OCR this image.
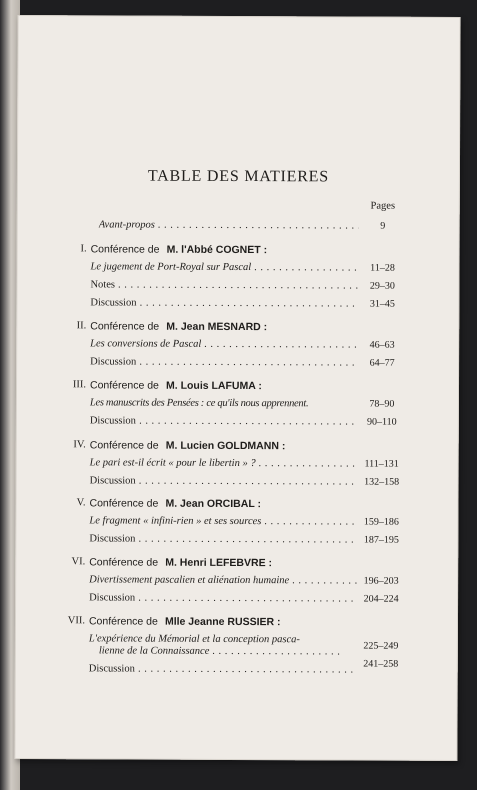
TABLE DES MATIERES
Pages
Avant-propos . . .	9
I. Conférence de M. l'Abbé COGNET :
Le jugement de Port-Royal sur Pascal . . .	11–28
Notes . . .	29–30
Discussion . . .	31–45
II. Conférence de M. Jean MESNARD :
Les conversions de Pascal . . .	46–63
Discussion . . .	64–77
III. Conférence de M. Louis LAFUMA :
Les manuscrits des Pensées : ce qu'ils nous apprennent.	78–90
Discussion . . .	90–110
IV. Conférence de M. Lucien GOLDMANN :
Le pari est-il écrit « pour le libertin » ? . . .	111–131
Discussion . . .	132–158
V. Conférence de M. Jean ORCIBAL :
Le fragment « infini-rien » et ses sources . . .	159–186
Discussion . . .	187–195
VI. Conférence de M. Henri LEFEBVRE :
Divertissement pascalien et aliénation humaine . . .	196–203
Discussion . . .	204–224
VII. Conférence de Mlle Jeanne RUSSIER :
L'expérience du Mémorial et la conception pasca-
lienne de la Connaissance . . .	225–249
Discussion . . .	241–258
